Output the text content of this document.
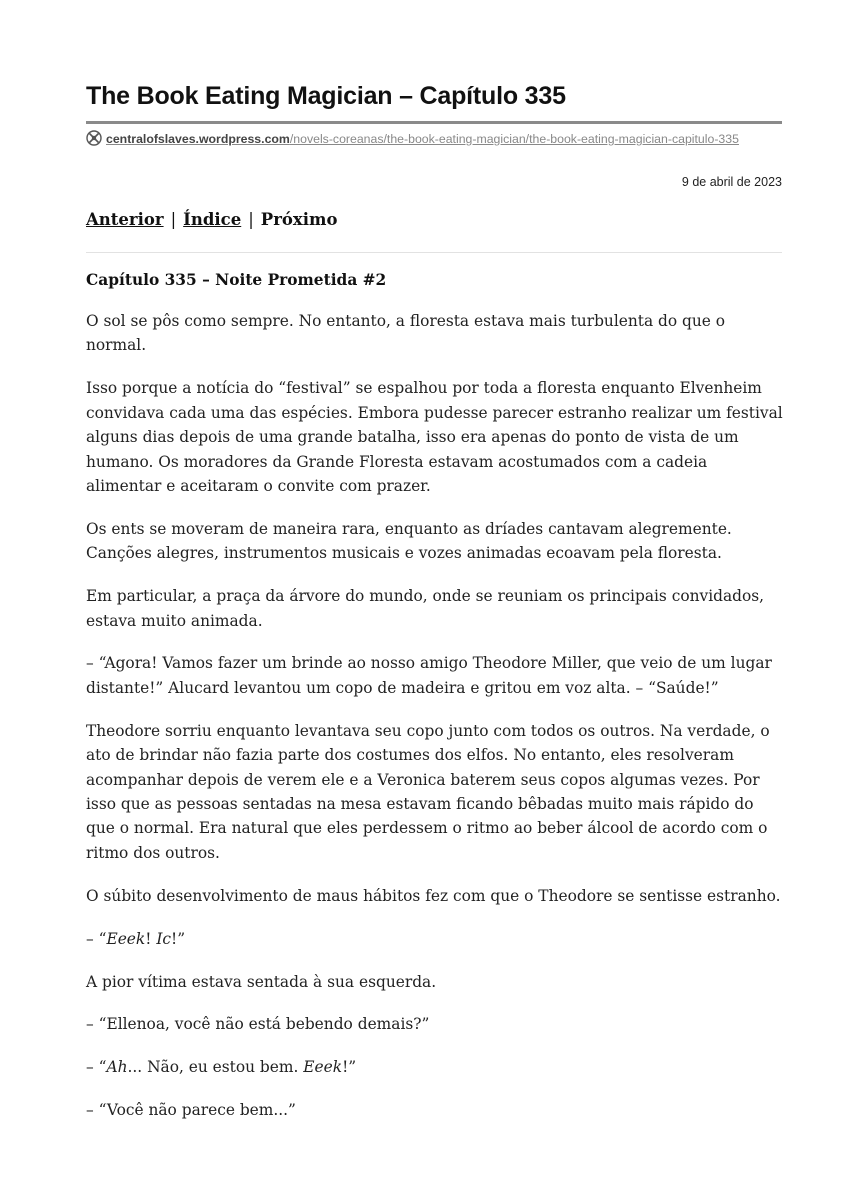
The Book Eating Magician – Capítulo 335
centralofslaves.wordpress.com/novels-coreanas/the-book-eating-magician/the-book-eating-magician-capitulo-335
9 de abril de 2023
Anterior | Índice | Próximo
Capítulo 335 – Noite Prometida #2

O sol se pôs como sempre. No entanto, a floresta estava mais turbulenta do que o normal.

Isso porque a notícia do “festival” se espalhou por toda a floresta enquanto Elvenheim convidava cada uma das espécies. Embora pudesse parecer estranho realizar um festival alguns dias depois de uma grande batalha, isso era apenas do ponto de vista de um humano. Os moradores da Grande Floresta estavam acostumados com a cadeia alimentar e aceitaram o convite com prazer.

Os ents se moveram de maneira rara, enquanto as dríades cantavam alegremente. Canções alegres, instrumentos musicais e vozes animadas ecoavam pela floresta.

Em particular, a praça da árvore do mundo, onde se reuniam os principais convidados, estava muito animada.

– “Agora! Vamos fazer um brinde ao nosso amigo Theodore Miller, que veio de um lugar distante!” Alucard levantou um copo de madeira e gritou em voz alta. – “Saúde!”

Theodore sorriu enquanto levantava seu copo junto com todos os outros. Na verdade, o ato de brindar não fazia parte dos costumes dos elfos. No entanto, eles resolveram acompanhar depois de verem ele e a Veronica baterem seus copos algumas vezes. Por isso que as pessoas sentadas na mesa estavam ficando bêbadas muito mais rápido do que o normal. Era natural que eles perdessem o ritmo ao beber álcool de acordo com o ritmo dos outros.

O súbito desenvolvimento de maus hábitos fez com que o Theodore se sentisse estranho.

– “Eeek! Ic!”

A pior vítima estava sentada à sua esquerda.

– “Ellenoa, você não está bebendo demais?”

– “Ah... Não, eu estou bem. Eeek!”

– “Você não parece bem...”
